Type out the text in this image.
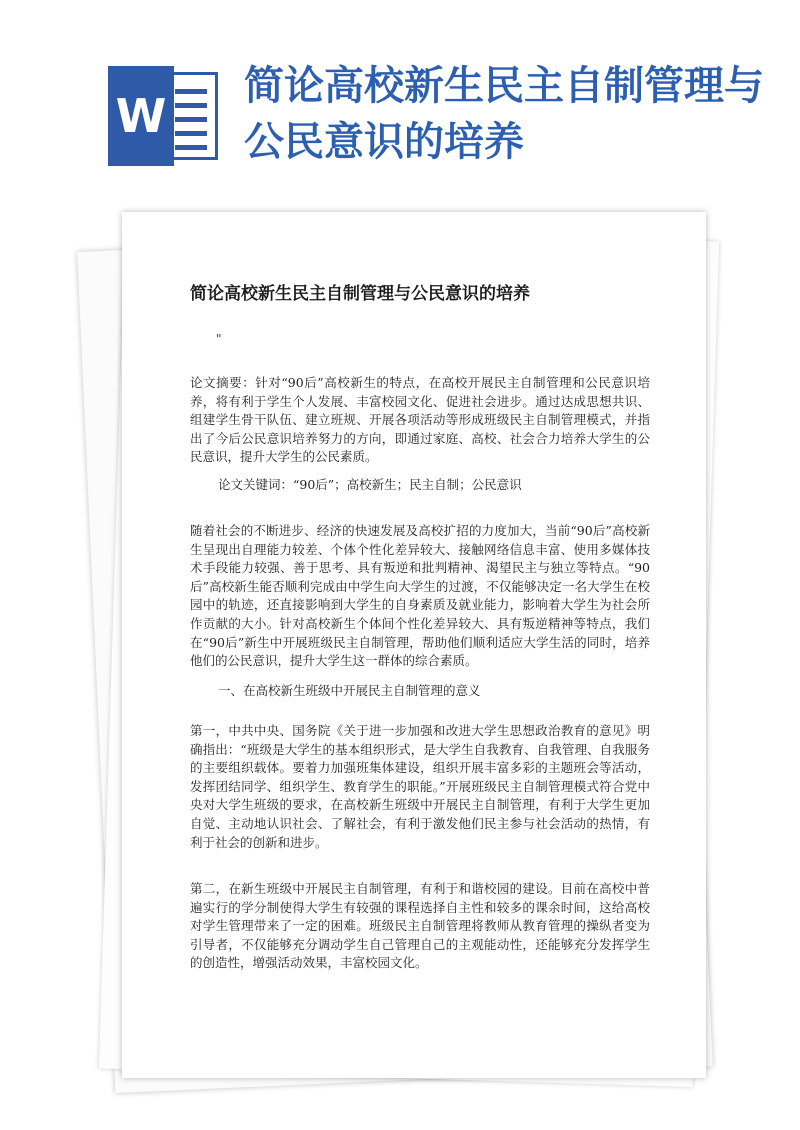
W
简论高校新生民主自制管理与公民意识的培养
简论高校新生民主自制管理与公民意识的培养
"

论文摘要：针对“90后”高校新生的特点，在高校开展民主自制管理和公民意识培养，将有利于学生个人发展、丰富校园文化、促进社会进步。通过达成思想共识、组建学生骨干队伍、建立班规、开展各项活动等形成班级民主自制管理模式，并指出了今后公民意识培养努力的方向，即通过家庭、高校、社会合力培养大学生的公民意识，提升大学生的公民素质。

论文关键词：“90后”；高校新生；民主自制；公民意识

随着社会的不断进步、经济的快速发展及高校扩招的力度加大，当前“90后”高校新生呈现出自理能力较差、个体个性化差异较大、接触网络信息丰富、使用多媒体技术手段能力较强、善于思考、具有叛逆和批判精神、渴望民主与独立等特点。“90后”高校新生能否顺利完成由中学生向大学生的过渡，不仅能够决定一名大学生在校园中的轨迹，还直接影响到大学生的自身素质及就业能力，影响着大学生为社会所作贡献的大小。针对高校新生个体间个性化差异较大、具有叛逆精神等特点，我们在“90后”新生中开展班级民主自制管理，帮助他们顺利适应大学生活的同时，培养他们的公民意识，提升大学生这一群体的综合素质。

一、在高校新生班级中开展民主自制管理的意义

第一，中共中央、国务院《关于进一步加强和改进大学生思想政治教育的意见》明确指出：“班级是大学生的基本组织形式，是大学生自我教育、自我管理、自我服务的主要组织载体。要着力加强班集体建设，组织开展丰富多彩的主题班会等活动，发挥团结同学、组织学生、教育学生的职能。”开展班级民主自制管理模式符合党中央对大学生班级的要求，在高校新生班级中开展民主自制管理，有利于大学生更加自觉、主动地认识社会、了解社会，有利于激发他们民主参与社会活动的热情，有利于社会的创新和进步。

第二，在新生班级中开展民主自制管理，有利于和谐校园的建设。目前在高校中普遍实行的学分制使得大学生有较强的课程选择自主性和较多的课余时间，这给高校对学生管理带来了一定的困难。班级民主自制管理将教师从教育管理的操纵者变为引导者，不仅能够充分调动学生自己管理自己的主观能动性，还能够充分发挥学生的创造性，增强活动效果，丰富校园文化。
